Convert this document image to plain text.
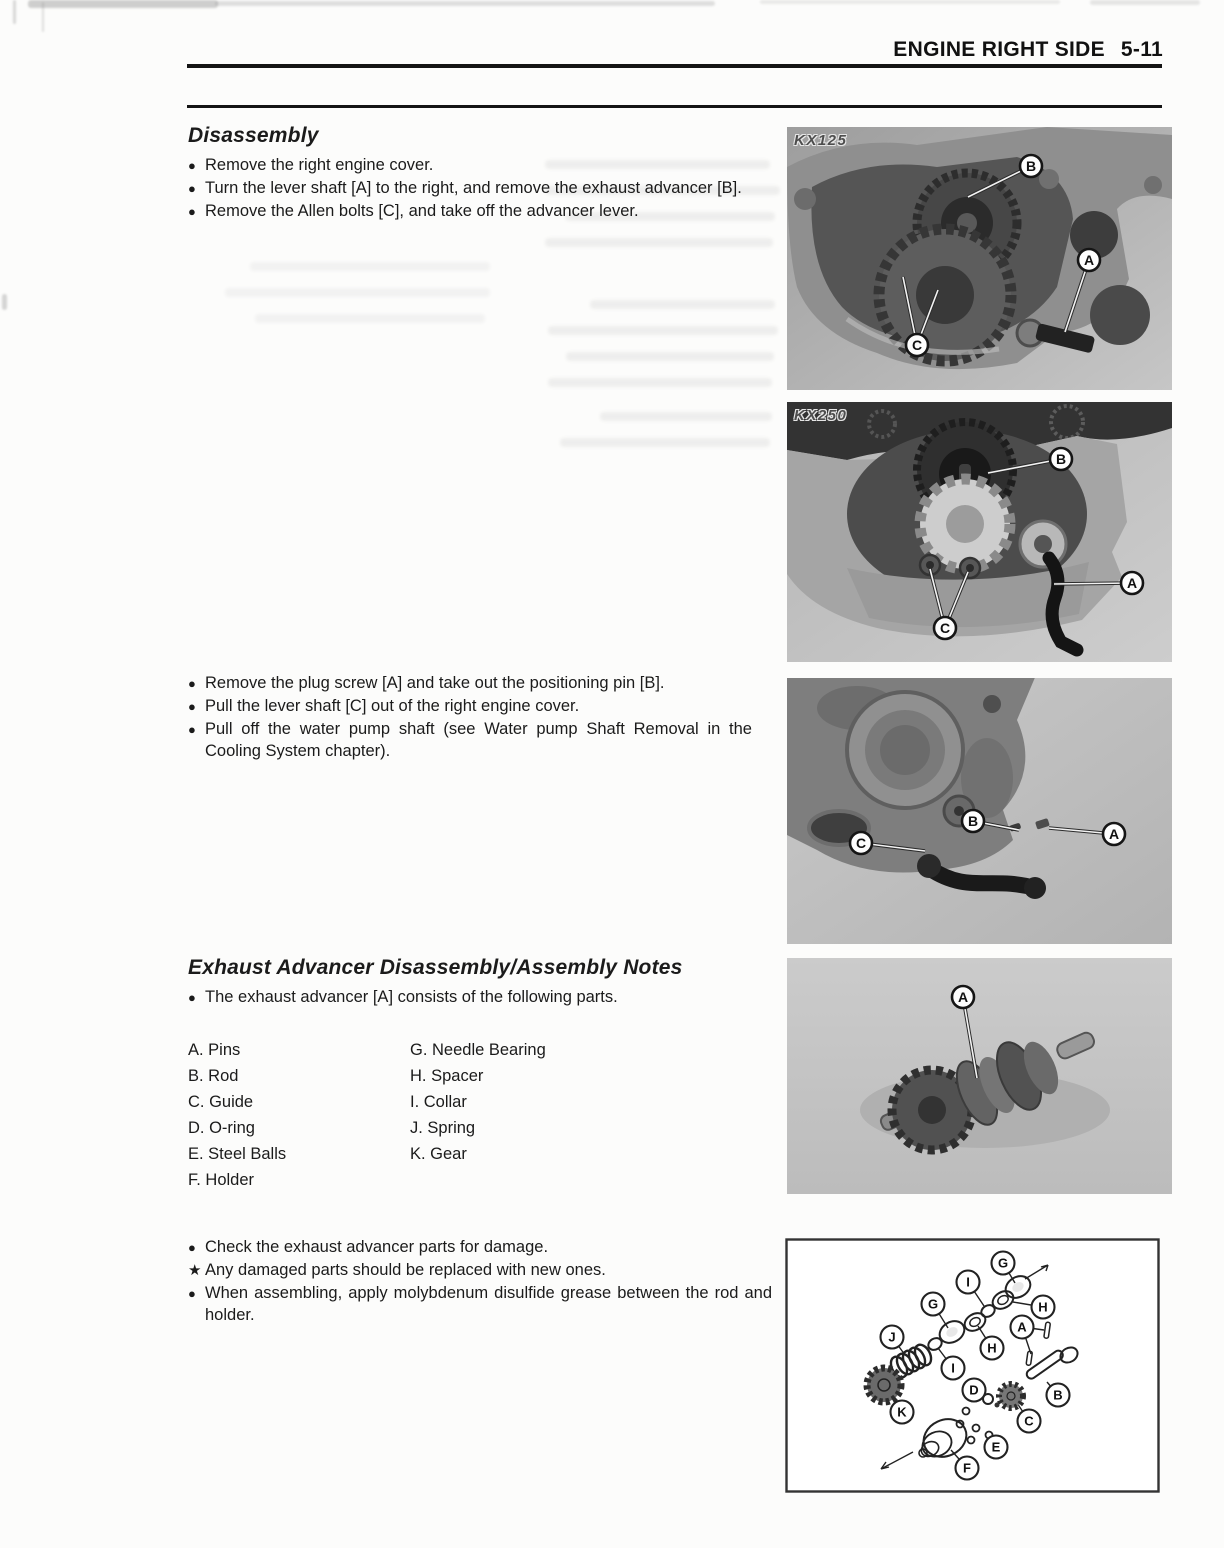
ENGINE RIGHT SIDE 5-11
Disassembly
● Remove the right engine cover.

● Turn the lever shaft [A] to the right, and remove the exhaust advancer [B].

● Remove the Allen bolts [C], and take off the advancer lever.

● Remove the plug screw [A] and take out the positioning pin [B].

● Pull the lever shaft [C] out of the right engine cover.

● Pull off the water pump shaft (see Water pump Shaft Removal in the Cooling System chapter).

Exhaust Advancer Disassembly/Assembly Notes
● The exhaust advancer [A] consists of the following parts.

A. Pins
B. Rod
C. Guide
D. O-ring
E. Steel Balls
F. Holder
G. Needle Bearing
H. Spacer
I. Collar
J. Spring
K. Gear
● Check the exhaust advancer parts for damage.

★ Any damaged parts should be replaced with new ones.

● When assembling, apply molybdenum disulfide grease between the rod and holder.

B
A
C
KX125
B
A
C
KX250
B
C
A
A
G
I
H
G
A
J
H
I
D	B
K
C
E
F
